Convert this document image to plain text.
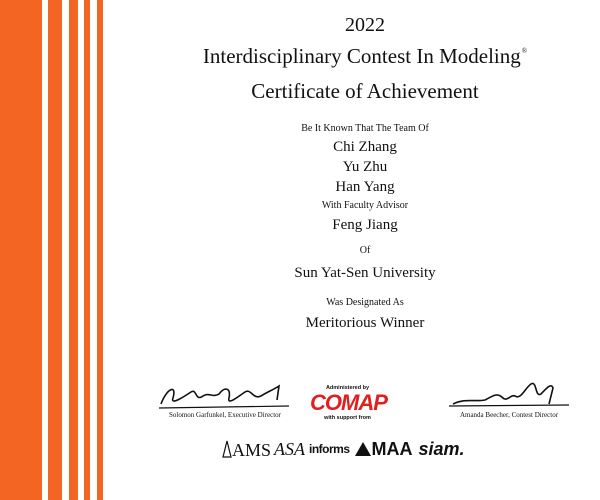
2022
Interdisciplinary Contest In Modeling®
Certificate of Achievement
Be It Known That The Team Of
Chi Zhang
Yu Zhu
Han Yang
With Faculty Advisor
Feng Jiang
Of
Sun Yat-Sen University
Was Designated As
Meritorious Winner
Solomon Garfunkel, Executive Director
Administered by
COMAP
with support from	Amanda Beecher, Contest Director
AMS ASA informs MAA siam.
